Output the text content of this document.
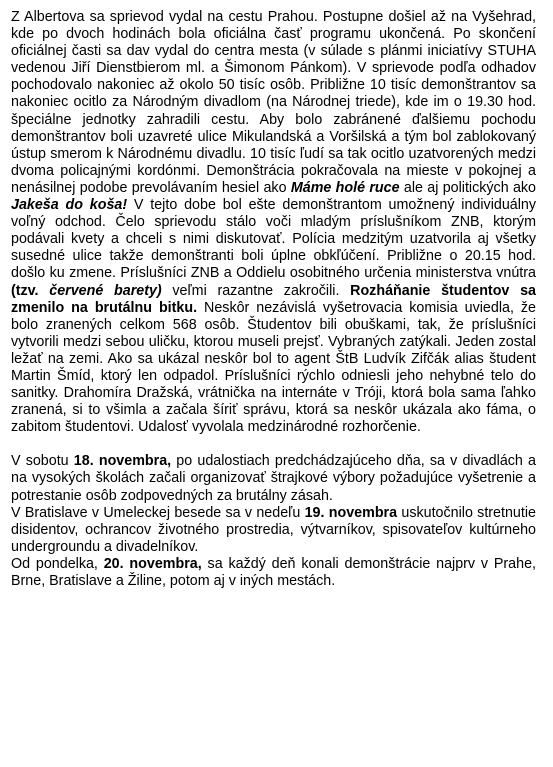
Z Albertova sa sprievod vydal na cestu Prahou. Postupne došiel až na Vyšehrad, kde po dvoch hodinách bola oficiálna časť programu ukončená. Po skončení oficiálnej časti sa dav vydal do centra mesta (v súlade s plánmi iniciatívy STUHA vedenou Jiří Dienstbierom ml. a Šimonom Pánkom). V sprievode podľa odhadov pochodovalo nakoniec až okolo 50 tisíc osôb. Približne 10 tisíc demonštrantov sa nakoniec ocitlo za Národným divadlom (na Národnej triede), kde im o 19.30 hod. špeciálne jednotky zahradili cestu. Aby bolo zabránené ďalšiemu pochodu demonštrantov boli uzavreté ulice Mikulandská a Voršilská a tým bol zablokovaný ústup smerom k Národnému divadlu. 10 tisíc ľudí sa tak ocitlo uzatvorených medzi dvoma policajnými kordónmi. Demonštrácia pokračovala na mieste v pokojnej a nenásilnej podobe prevolávaním hesiel ako Máme holé ruce ale aj politických ako Jakeša do koša! V tejto dobe bol ešte demonštrantom umožnený individuálny voľný odchod. Čelo sprievodu stálo voči mladým príslušníkom ZNB, ktorým podávali kvety a chceli s nimi diskutovať. Polícia medzitým uzatvorila aj všetky susedné ulice takže demonštranti boli úplne obkľúčení. Približne o 20.15 hod. došlo ku zmene. Príslušníci ZNB a Oddielu osobitného určenia ministerstva vnútra (tzv. červené barety) veľmi razantne zakročili. Rozháňanie študentov sa zmenilo na brutálnu bitku. Neskôr nezávislá vyšetrovacia komisia uviedla, že bolo zranených celkom 568 osôb. Študentov bili obuškami, tak, že príslušníci vytvorili medzi sebou uličku, ktorou museli prejsť. Vybraných zatýkali. Jeden zostal ležať na zemi. Ako sa ukázal neskôr bol to agent ŠtB Ludvík Zifčák alias študent Martin Šmíd, ktorý len odpadol. Príslušníci rýchlo odniesli jeho nehybné telo do sanitky. Drahomíra Dražská, vrátnička na internáte v Tróji, ktorá bola sama ľahko zranená, si to všimla a začala šíriť správu, ktorá sa neskôr ukázala ako fáma, o zabitom študentovi. Udalosť vyvolala medzinárodné rozhorčenie.

V sobotu 18. novembra, po udalostiach predchádzajúceho dňa, sa v divadlách a na vysokých školách začali organizovať štrajkové výbory požadujúce vyšetrenie a potrestanie osôb zodpovedných za brutálny zásah.

V Bratislave v Umeleckej besede sa v nedeľu 19. novembra uskutočnilo stretnutie disidentov, ochrancov životného prostredia, výtvarníkov, spisovateľov kultúrneho undergroundu a divadelníkov.

Od pondelka, 20. novembra, sa každý deň konali demonštrácie najprv v Prahe, Brne, Bratislave a Žiline, potom aj v iných mestách.
